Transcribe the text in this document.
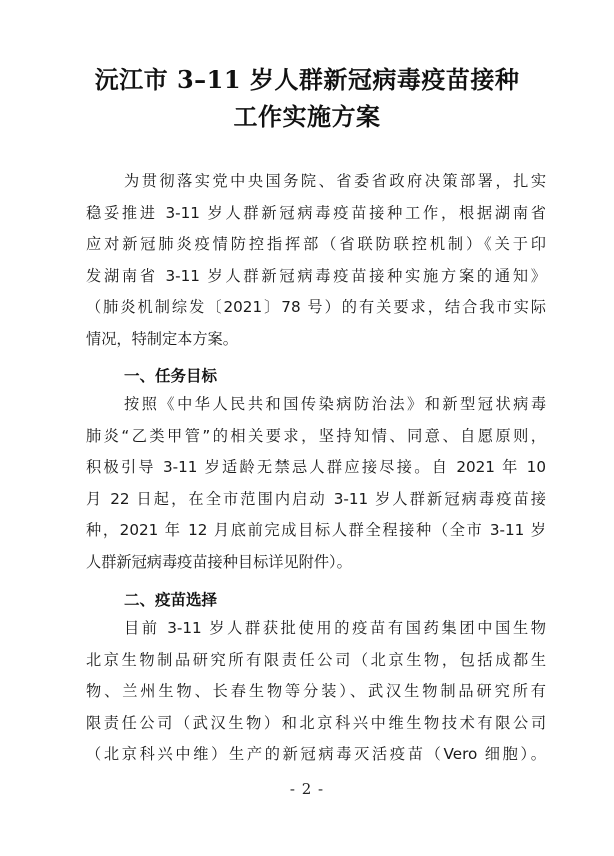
沅江市 3–11 岁人群新冠病毒疫苗接种
工作实施方案
为贯彻落实党中央国务院、省委省政府决策部署，扎实
稳妥推进 3-11 岁人群新冠病毒疫苗接种工作，根据湖南省
应对新冠肺炎疫情防控指挥部（省联防联控机制）《关于印
发湖南省 3-11 岁人群新冠病毒疫苗接种实施方案的通知》
（肺炎机制综发〔2021〕78 号）的有关要求，结合我市实际
情况，特制定本方案。
一、任务目标
按照《中华人民共和国传染病防治法》和新型冠状病毒
肺炎“乙类甲管”的相关要求，坚持知情、同意、自愿原则，
积极引导 3-11 岁适龄无禁忌人群应接尽接。自 2021 年 10
月 22 日起，在全市范围内启动 3-11 岁人群新冠病毒疫苗接
种，2021 年 12 月底前完成目标人群全程接种（全市 3-11 岁
人群新冠病毒疫苗接种目标详见附件）。
二、疫苗选择
目前 3-11 岁人群获批使用的疫苗有国药集团中国生物
北京生物制品研究所有限责任公司（北京生物，包括成都生
物、兰州生物、长春生物等分装）、武汉生物制品研究所有
限责任公司（武汉生物）和北京科兴中维生物技术有限公司
（北京科兴中维）生产的新冠病毒灭活疫苗（Vero 细胞）。
- 2 -
